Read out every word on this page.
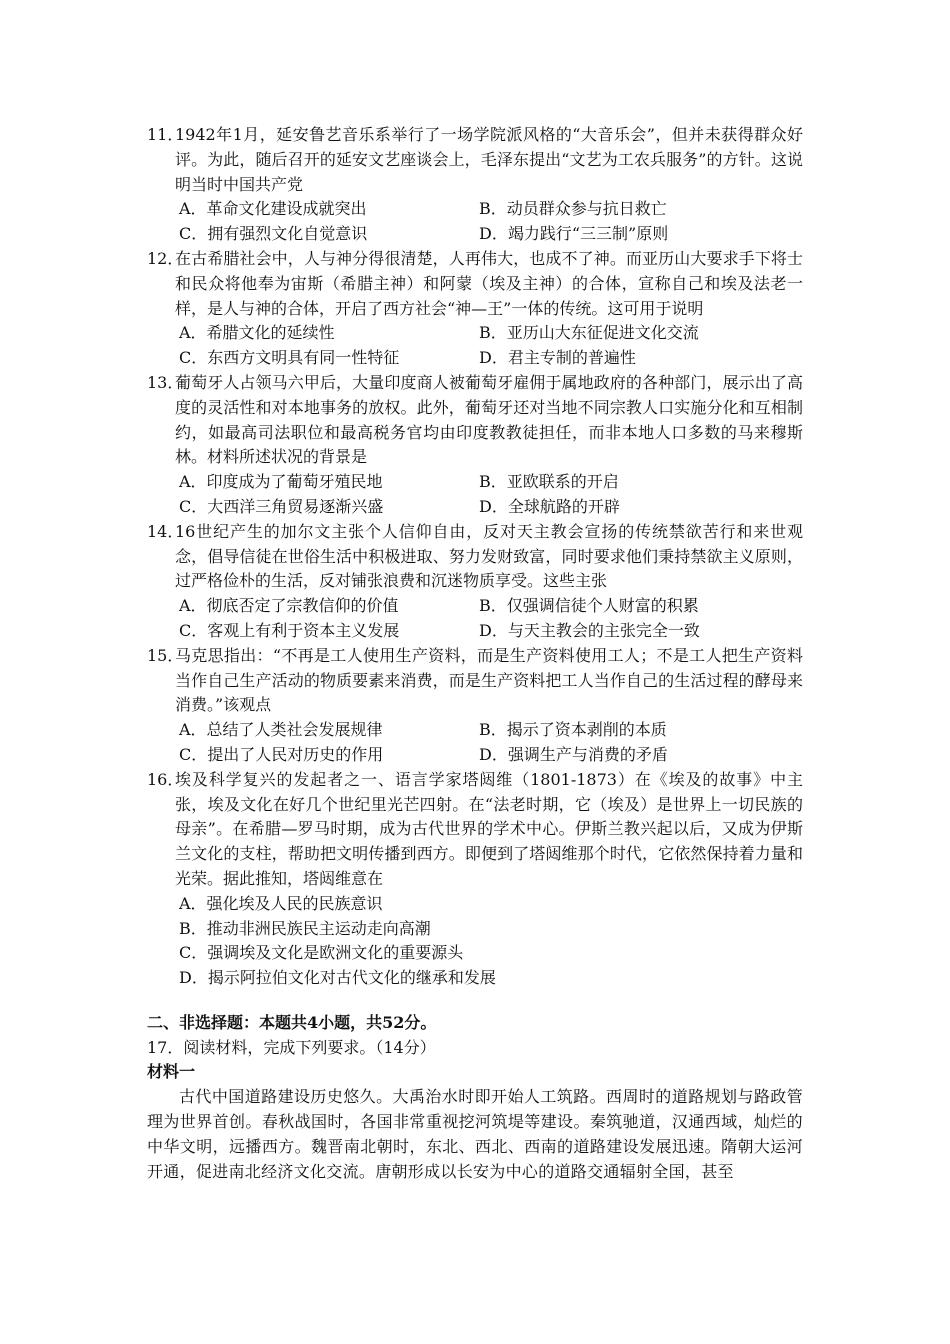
11．
1942年1月，延安鲁艺音乐系举行了一场学院派风格的“大音乐会”，但并未获得群众好评。为此，随后召开的延安文艺座谈会上，毛泽东提出“文艺为工农兵服务”的方针。这说明当时中国共产党
A．革命文化建设成就突出	B．动员群众参与抗日救亡
C．拥有强烈文化自觉意识	D．竭力践行“三三制”原则
12．
在古希腊社会中，人与神分得很清楚，人再伟大，也成不了神。而亚历山大要求手下将士和民众将他奉为宙斯（希腊主神）和阿蒙（埃及主神）的合体，宣称自己和埃及法老一样，是人与神的合体，开启了西方社会“神—王”一体的传统。这可用于说明
A．希腊文化的延续性	B．亚历山大东征促进文化交流
C．东西方文明具有同一性特征	D．君主专制的普遍性
13．
葡萄牙人占领马六甲后，大量印度商人被葡萄牙雇佣于属地政府的各种部门，展示出了高度的灵活性和对本地事务的放权。此外，葡萄牙还对当地不同宗教人口实施分化和互相制约，如最高司法职位和最高税务官均由印度教教徒担任，而非本地人口多数的马来穆斯林。材料所述状况的背景是
A．印度成为了葡萄牙殖民地	B．亚欧联系的开启
C．大西洋三角贸易逐渐兴盛	D．全球航路的开辟
14．
16世纪产生的加尔文主张个人信仰自由，反对天主教会宣扬的传统禁欲苦行和来世观念，倡导信徒在世俗生活中积极进取、努力发财致富，同时要求他们秉持禁欲主义原则，过严格俭朴的生活，反对铺张浪费和沉迷物质享受。这些主张
A．彻底否定了宗教信仰的价值	B．仅强调信徒个人财富的积累
C．客观上有利于资本主义发展	D．与天主教会的主张完全一致
15．
马克思指出：“不再是工人使用生产资料，而是生产资料使用工人；不是工人把生产资料当作自己生产活动的物质要素来消费，而是生产资料把工人当作自己的生活过程的酵母来消费。”该观点
A．总结了人类社会发展规律	B．揭示了资本剥削的本质
C．提出了人民对历史的作用	D．强调生产与消费的矛盾
16．
埃及科学复兴的发起者之一、语言学家塔闼维（1801-1873）在《埃及的故事》中主张，埃及文化在好几个世纪里光芒四射。在“法老时期，它（埃及）是世界上一切民族的母亲”。在希腊—罗马时期，成为古代世界的学术中心。伊斯兰教兴起以后，又成为伊斯兰文化的支柱，帮助把文明传播到西方。即便到了塔闼维那个时代，它依然保持着力量和光荣。据此推知，塔闼维意在
A．强化埃及人民的民族意识
B．推动非洲民族民主运动走向高潮
C．强调埃及文化是欧洲文化的重要源头
D．揭示阿拉伯文化对古代文化的继承和发展
二、非选择题：本题共4小题，共52分。
17．阅读材料，完成下列要求。（14分）
材料一
古代中国道路建设历史悠久。大禹治水时即开始人工筑路。西周时的道路规划与路政管理为世界首创。春秋战国时，各国非常重视挖河筑堤等建设。秦筑驰道，汉通西域，灿烂的中华文明，远播西方。魏晋南北朝时，东北、西北、西南的道路建设发展迅速。隋朝大运河开通，促进南北经济文化交流。唐朝形成以长安为中心的道路交通辐射全国，甚至
